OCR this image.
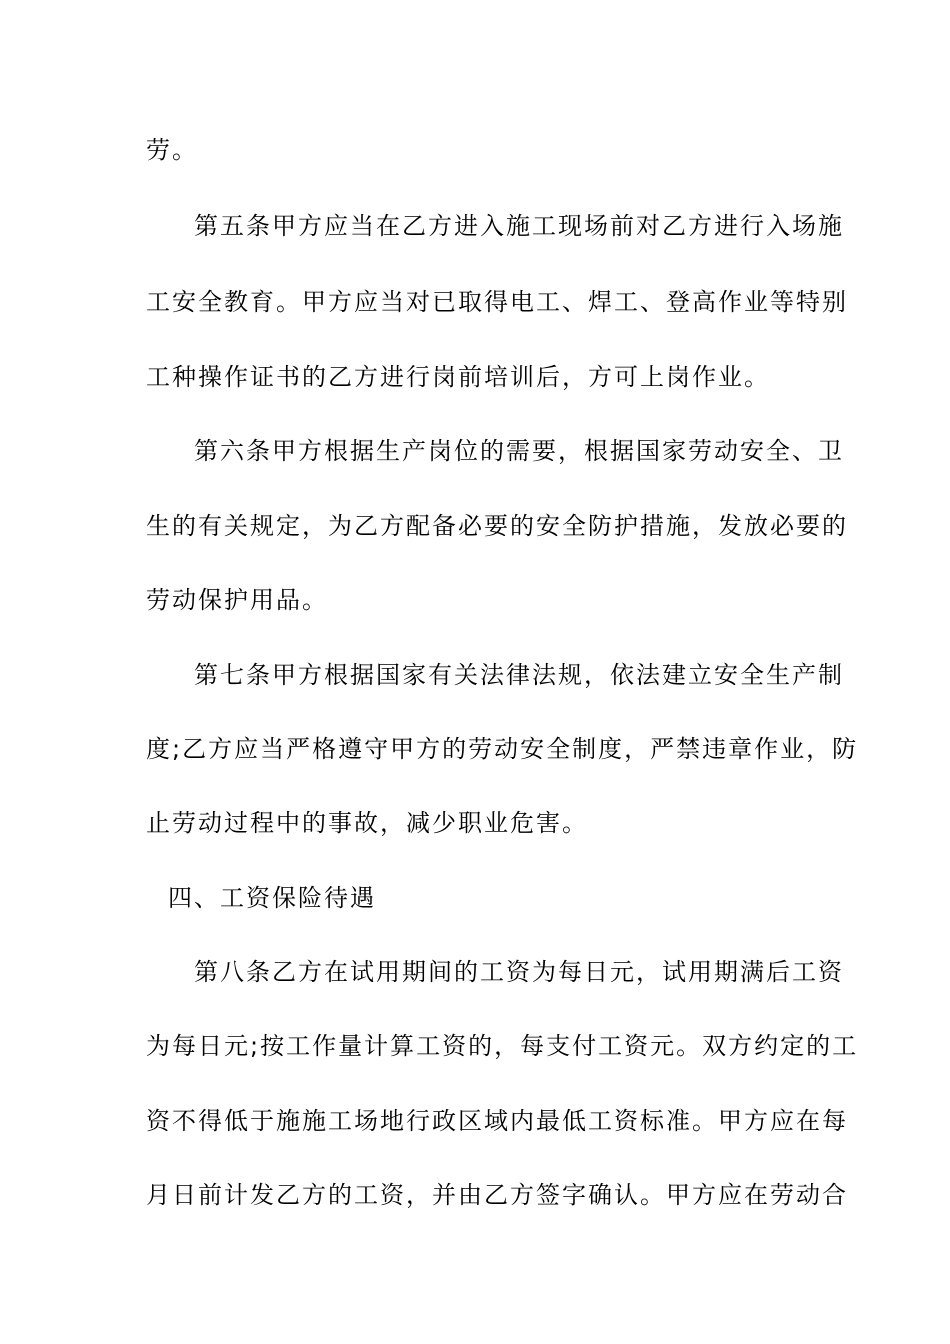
劳。
第五条甲方应当在乙方进入施工现场前对乙方进行入场施
工安全教育。甲方应当对已取得电工、焊工、登高作业等特别
工种操作证书的乙方进行岗前培训后，方可上岗作业。
第六条甲方根据生产岗位的需要，根据国家劳动安全、卫
生的有关规定，为乙方配备必要的安全防护措施，发放必要的
劳动保护用品。
第七条甲方根据国家有关法律法规，依法建立安全生产制
度;乙方应当严格遵守甲方的劳动安全制度，严禁违章作业，防
止劳动过程中的事故，减少职业危害。
四、工资保险待遇
第八条乙方在试用期间的工资为每日元，试用期满后工资
为每日元;按工作量计算工资的，每支付工资元。双方约定的工
资不得低于施施工场地行政区域内最低工资标准。甲方应在每
月日前计发乙方的工资，并由乙方签字确认。甲方应在劳动合
